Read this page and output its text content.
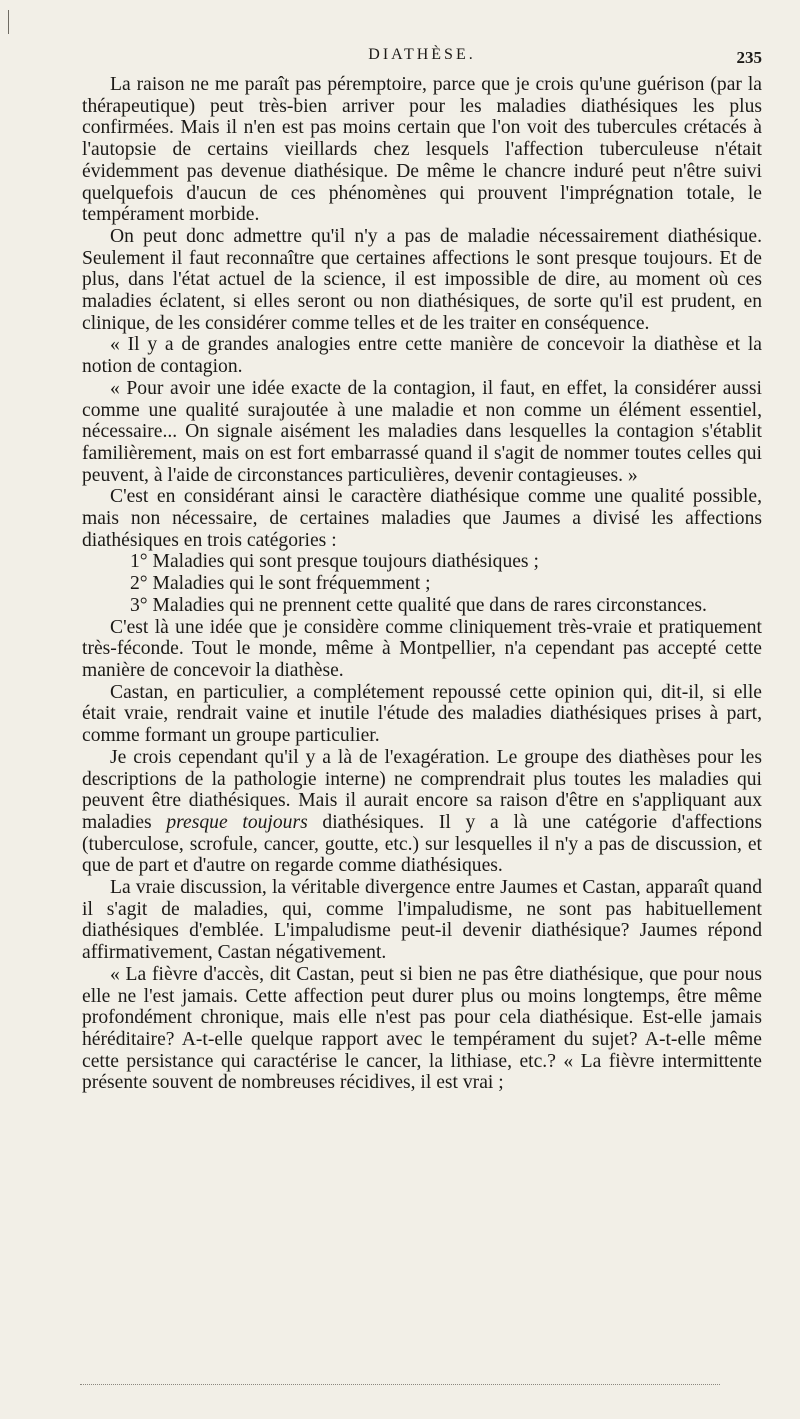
DIATHÈSE.	235

La raison ne me paraît pas péremptoire, parce que je crois qu'une guérison (par la thérapeutique) peut très-bien arriver pour les maladies diathésiques les plus confirmées. Mais il n'en est pas moins certain que l'on voit des tubercules crétacés à l'autopsie de certains vieillards chez lesquels l'affection tuberculeuse n'était évidemment pas devenue diathésique. De même le chancre induré peut n'être suivi quelquefois d'aucun de ces phénomènes qui prouvent l'imprégnation totale, le tempérament morbide.

On peut donc admettre qu'il n'y a pas de maladie nécessairement diathésique. Seulement il faut reconnaître que certaines affections le sont presque toujours. Et de plus, dans l'état actuel de la science, il est impossible de dire, au moment où ces maladies éclatent, si elles seront ou non diathésiques, de sorte qu'il est prudent, en clinique, de les considérer comme telles et de les traiter en conséquence.

« Il y a de grandes analogies entre cette manière de concevoir la diathèse et la notion de contagion.

« Pour avoir une idée exacte de la contagion, il faut, en effet, la considérer aussi comme une qualité surajoutée à une maladie et non comme un élément essentiel, nécessaire... On signale aisément les maladies dans lesquelles la contagion s'établit familièrement, mais on est fort embarrassé quand il s'agit de nommer toutes celles qui peuvent, à l'aide de circonstances particulières, devenir contagieuses. »

C'est en considérant ainsi le caractère diathésique comme une qualité possible, mais non nécessaire, de certaines maladies que Jaumes a divisé les affections diathésiques en trois catégories :

1° Maladies qui sont presque toujours diathésiques ;

2° Maladies qui le sont fréquemment ;

3° Maladies qui ne prennent cette qualité que dans de rares circonstances.

C'est là une idée que je considère comme cliniquement très-vraie et pratiquement très-féconde. Tout le monde, même à Montpellier, n'a cependant pas accepté cette manière de concevoir la diathèse.

Castan, en particulier, a complétement repoussé cette opinion qui, dit-il, si elle était vraie, rendrait vaine et inutile l'étude des maladies diathésiques prises à part, comme formant un groupe particulier.

Je crois cependant qu'il y a là de l'exagération. Le groupe des diathèses pour les descriptions de la pathologie interne) ne comprendrait plus toutes les maladies qui peuvent être diathésiques. Mais il aurait encore sa raison d'être en s'appliquant aux maladies presque toujours diathésiques. Il y a là une catégorie d'affections (tuberculose, scrofule, cancer, goutte, etc.) sur lesquelles il n'y a pas de discussion, et que de part et d'autre on regarde comme diathésiques.

La vraie discussion, la véritable divergence entre Jaumes et Castan, apparaît quand il s'agit de maladies, qui, comme l'impaludisme, ne sont pas habituellement diathésiques d'emblée. L'impaludisme peut-il devenir diathésique? Jaumes répond affirmativement, Castan négativement.

« La fièvre d'accès, dit Castan, peut si bien ne pas être diathésique, que pour nous elle ne l'est jamais. Cette affection peut durer plus ou moins longtemps, être même profondément chronique, mais elle n'est pas pour cela diathésique. Est-elle jamais héréditaire? A-t-elle quelque rapport avec le tempérament du sujet? A-t-elle même cette persistance qui caractérise le cancer, la lithiase, etc.? « La fièvre intermittente présente souvent de nombreuses récidives, il est vrai ;
